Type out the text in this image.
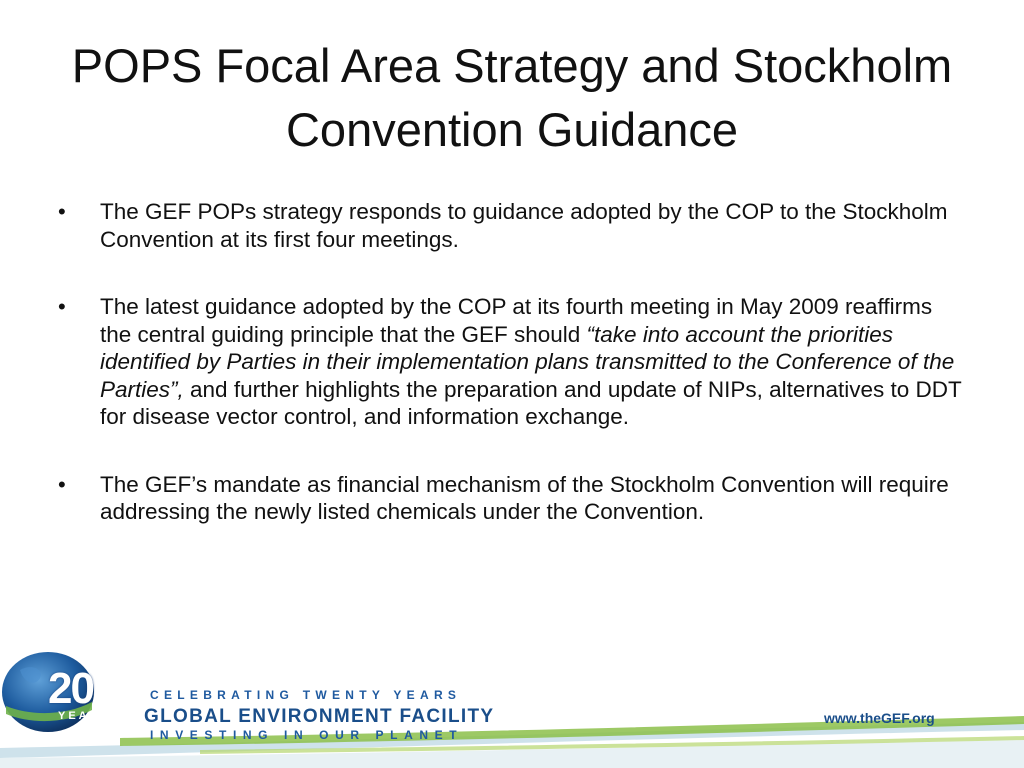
POPS Focal Area Strategy and Stockholm Convention Guidance
•	The GEF POPs strategy responds to guidance adopted by the COP to the Stockholm Convention at its first four meetings.
•	The latest guidance adopted by the COP at its fourth meeting in May 2009 reaffirms the central guiding principle that the GEF should “take into account the priorities identified by Parties in their implementation plans transmitted to the Conference of the Parties”, and further highlights the preparation and update of NIPs, alternatives to DDT for disease vector control, and information exchange.
•	The GEF’s mandate as financial mechanism of the Stockholm Convention will require addressing the newly listed chemicals under the Convention.
20
YEARS
CELEBRATING TWENTY YEARS
GLOBAL ENVIRONMENT FACILITY
INVESTING IN OUR PLANET
www.theGEF.org
